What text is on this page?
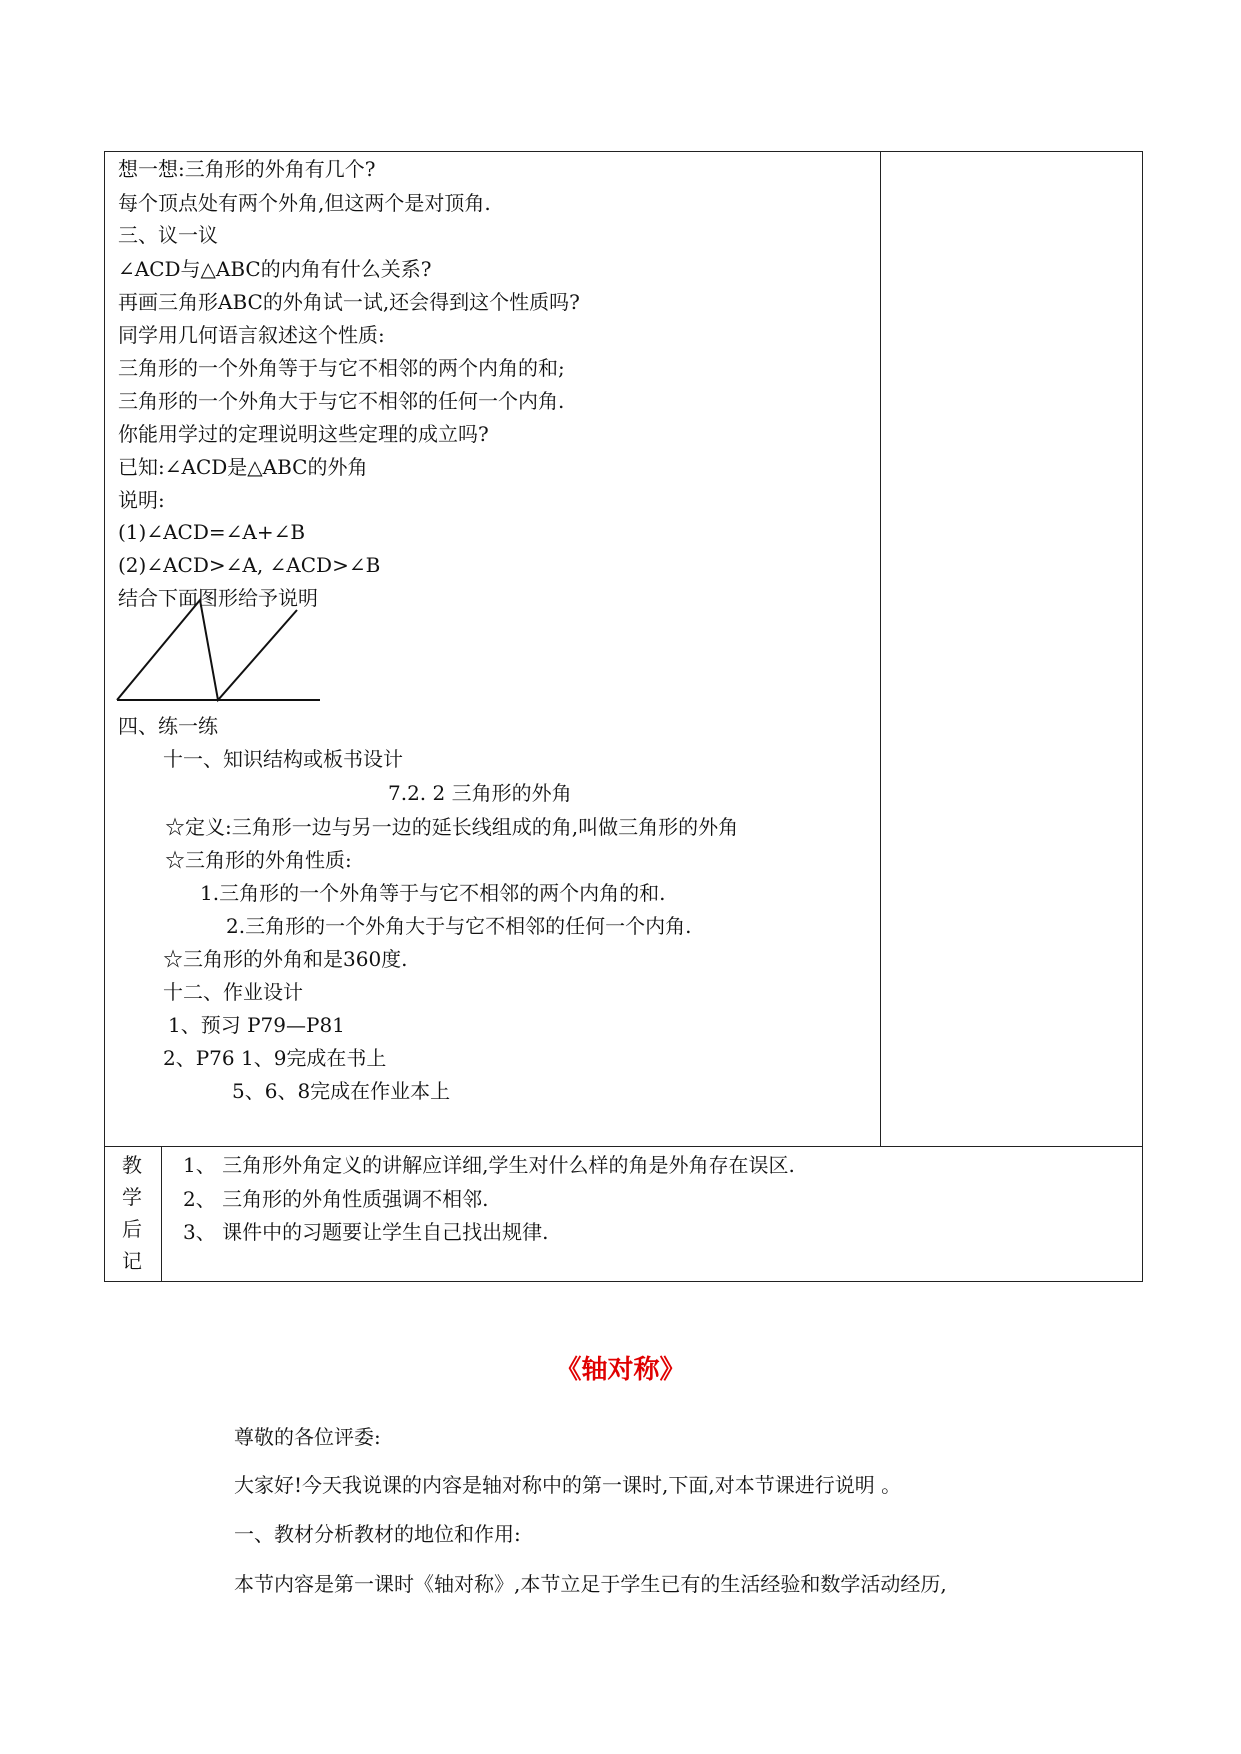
想一想:三角形的外角有几个?
每个顶点处有两个外角,但这两个是对顶角.
三、议一议
∠ACD与△ABC的内角有什么关系?
再画三角形ABC的外角试一试,还会得到这个性质吗?
同学用几何语言叙述这个性质:
三角形的一个外角等于与它不相邻的两个内角的和;
三角形的一个外角大于与它不相邻的任何一个内角.
你能用学过的定理说明这些定理的成立吗?
已知:∠ACD是△ABC的外角
说明:
(1)∠ACD=∠A+∠B
(2)∠ACD>∠A, ∠ACD>∠B
结合下面图形给予说明
四、练一练
十一、知识结构或板书设计
7.2. 2 三角形的外角
☆定义:三角形一边与另一边的延长线组成的角,叫做三角形的外角
☆三角形的外角性质:
1.三角形的一个外角等于与它不相邻的两个内角的和.
2.三角形的一个外角大于与它不相邻的任何一个内角.
☆三角形的外角和是360度.
十二、作业设计
1、预习 P79—P81
2、P76 1、9完成在书上
5、6、8完成在作业本上
教
学
后
记
1、 三角形外角定义的讲解应详细,学生对什么样的角是外角存在误区.
2、 三角形的外角性质强调不相邻.
3、 课件中的习题要让学生自己找出规律.
《轴对称》
尊敬的各位评委:
大家好!今天我说课的内容是轴对称中的第一课时,下面,对本节课进行说明 。
一、教材分析教材的地位和作用:
本节内容是第一课时《轴对称》,本节立足于学生已有的生活经验和数学活动经历,
